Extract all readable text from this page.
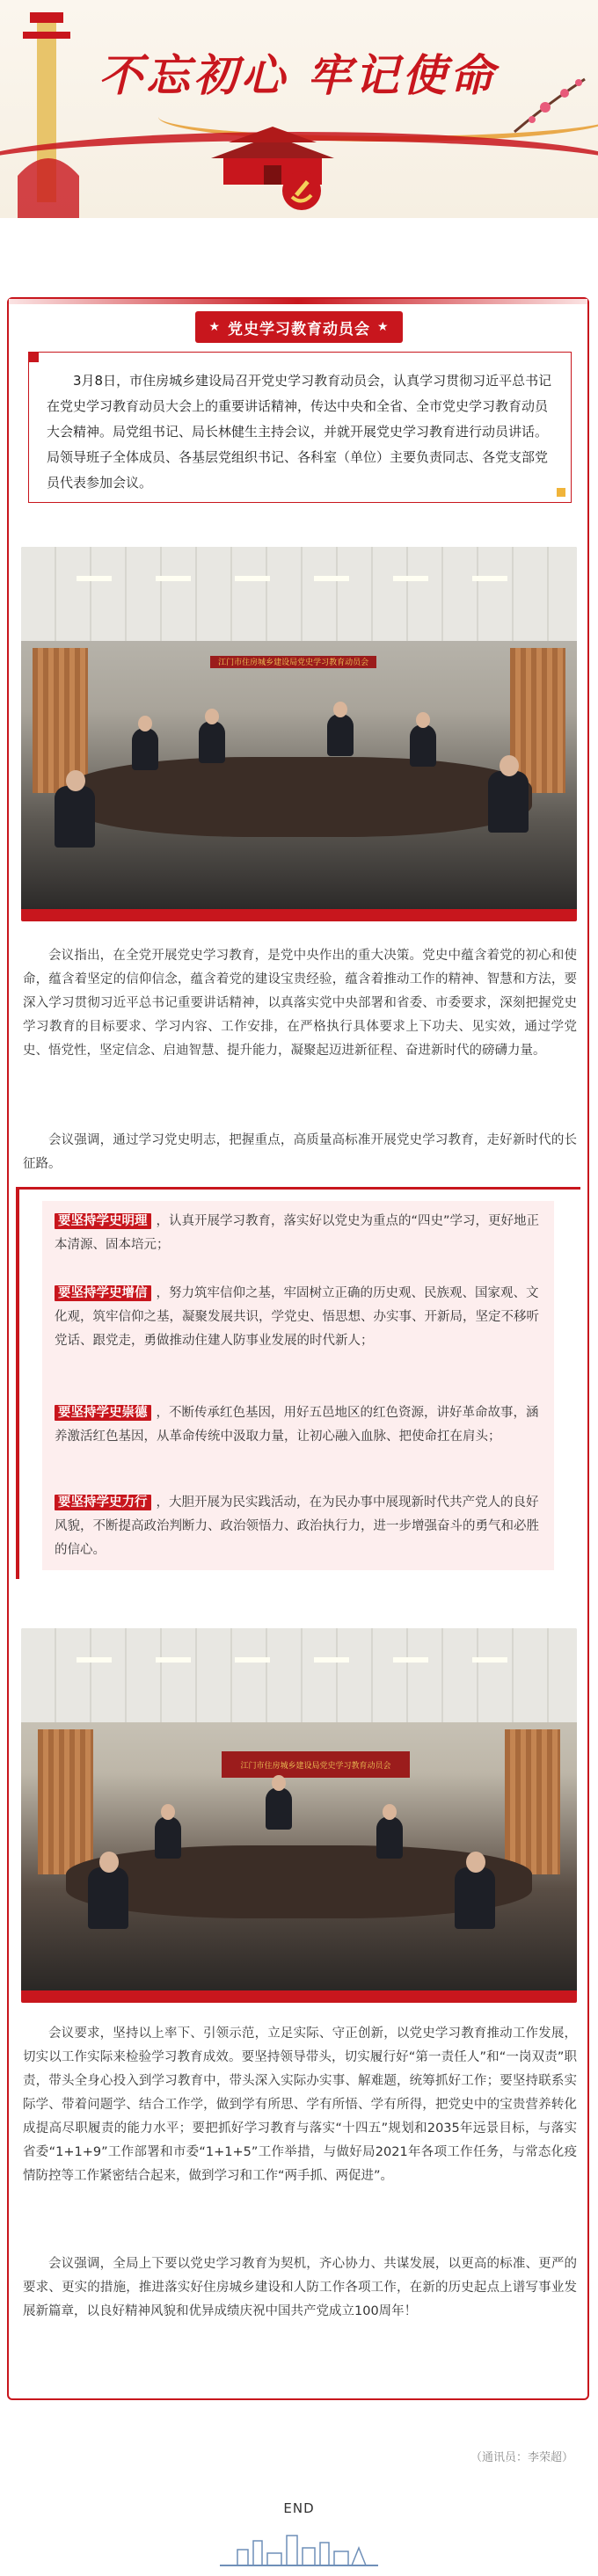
不忘初心 牢记使命
★ 党史学习教育动员会 ★

3月8日，市住房城乡建设局召开党史学习教育动员会，认真学习贯彻习近平总书记在党史学习教育动员大会上的重要讲话精神，传达中央和全省、全市党史学习教育动员大会精神。局党组书记、局长林健生主持会议，并就开展党史学习教育进行动员讲话。局领导班子全体成员、各基层党组织书记、各科室（单位）主要负责同志、各党支部党员代表参加会议。

江门市住房城乡建设局党史学习教育动员会

会议指出，在全党开展党史学习教育，是党中央作出的重大决策。党史中蕴含着党的初心和使命，蕴含着坚定的信仰信念，蕴含着党的建设宝贵经验，蕴含着推动工作的精神、智慧和方法，要深入学习贯彻习近平总书记重要讲话精神，以真落实党中央部署和省委、市委要求，深刻把握党史学习教育的目标要求、学习内容、工作安排，在严格执行具体要求上下功夫、见实效，通过学党史、悟党性，坚定信念、启迪智慧、提升能力，凝聚起迈进新征程、奋进新时代的磅礴力量。

会议强调，通过学习党史明志，把握重点，高质量高标准开展党史学习教育，走好新时代的长征路。

要坚持学史明理 ，认真开展学习教育，落实好以党史为重点的“四史”学习，更好地正本清源、固本培元；

要坚持学史增信 ，努力筑牢信仰之基，牢固树立正确的历史观、民族观、国家观、文化观，筑牢信仰之基，凝聚发展共识，学党史、悟思想、办实事、开新局，坚定不移听党话、跟党走，勇做推动住建人防事业发展的时代新人；

要坚持学史崇德 ，不断传承红色基因，用好五邑地区的红色资源，讲好革命故事，涵养激活红色基因，从革命传统中汲取力量，让初心融入血脉、把使命扛在肩头；

要坚持学史力行 ，大胆开展为民实践活动，在为民办事中展现新时代共产党人的良好风貌，不断提高政治判断力、政治领悟力、政治执行力，进一步增强奋斗的勇气和必胜的信心。

江门市住房城乡建设局党史学习教育动员会

会议要求，坚持以上率下、引领示范，立足实际、守正创新，以党史学习教育推动工作发展，切实以工作实际来检验学习教育成效。要坚持领导带头，切实履行好“第一责任人”和“一岗双责”职责，带头全身心投入到学习教育中，带头深入实际办实事、解难题，统筹抓好工作；要坚持联系实际学、带着问题学、结合工作学，做到学有所思、学有所悟、学有所得，把党史中的宝贵营养转化成提高尽职履责的能力水平；要把抓好学习教育与落实“十四五”规划和2035年远景目标，与落实省委“1+1+9”工作部署和市委“1+1+5”工作举措，与做好局2021年各项工作任务，与常态化疫情防控等工作紧密结合起来，做到学习和工作“两手抓、两促进”。

会议强调，全局上下要以党史学习教育为契机，齐心协力、共谋发展，以更高的标准、更严的要求、更实的措施，推进落实好住房城乡建设和人防工作各项工作，在新的历史起点上谱写事业发展新篇章，以良好精神风貌和优异成绩庆祝中国共产党成立100周年！

（通讯员：李荣超）
END
